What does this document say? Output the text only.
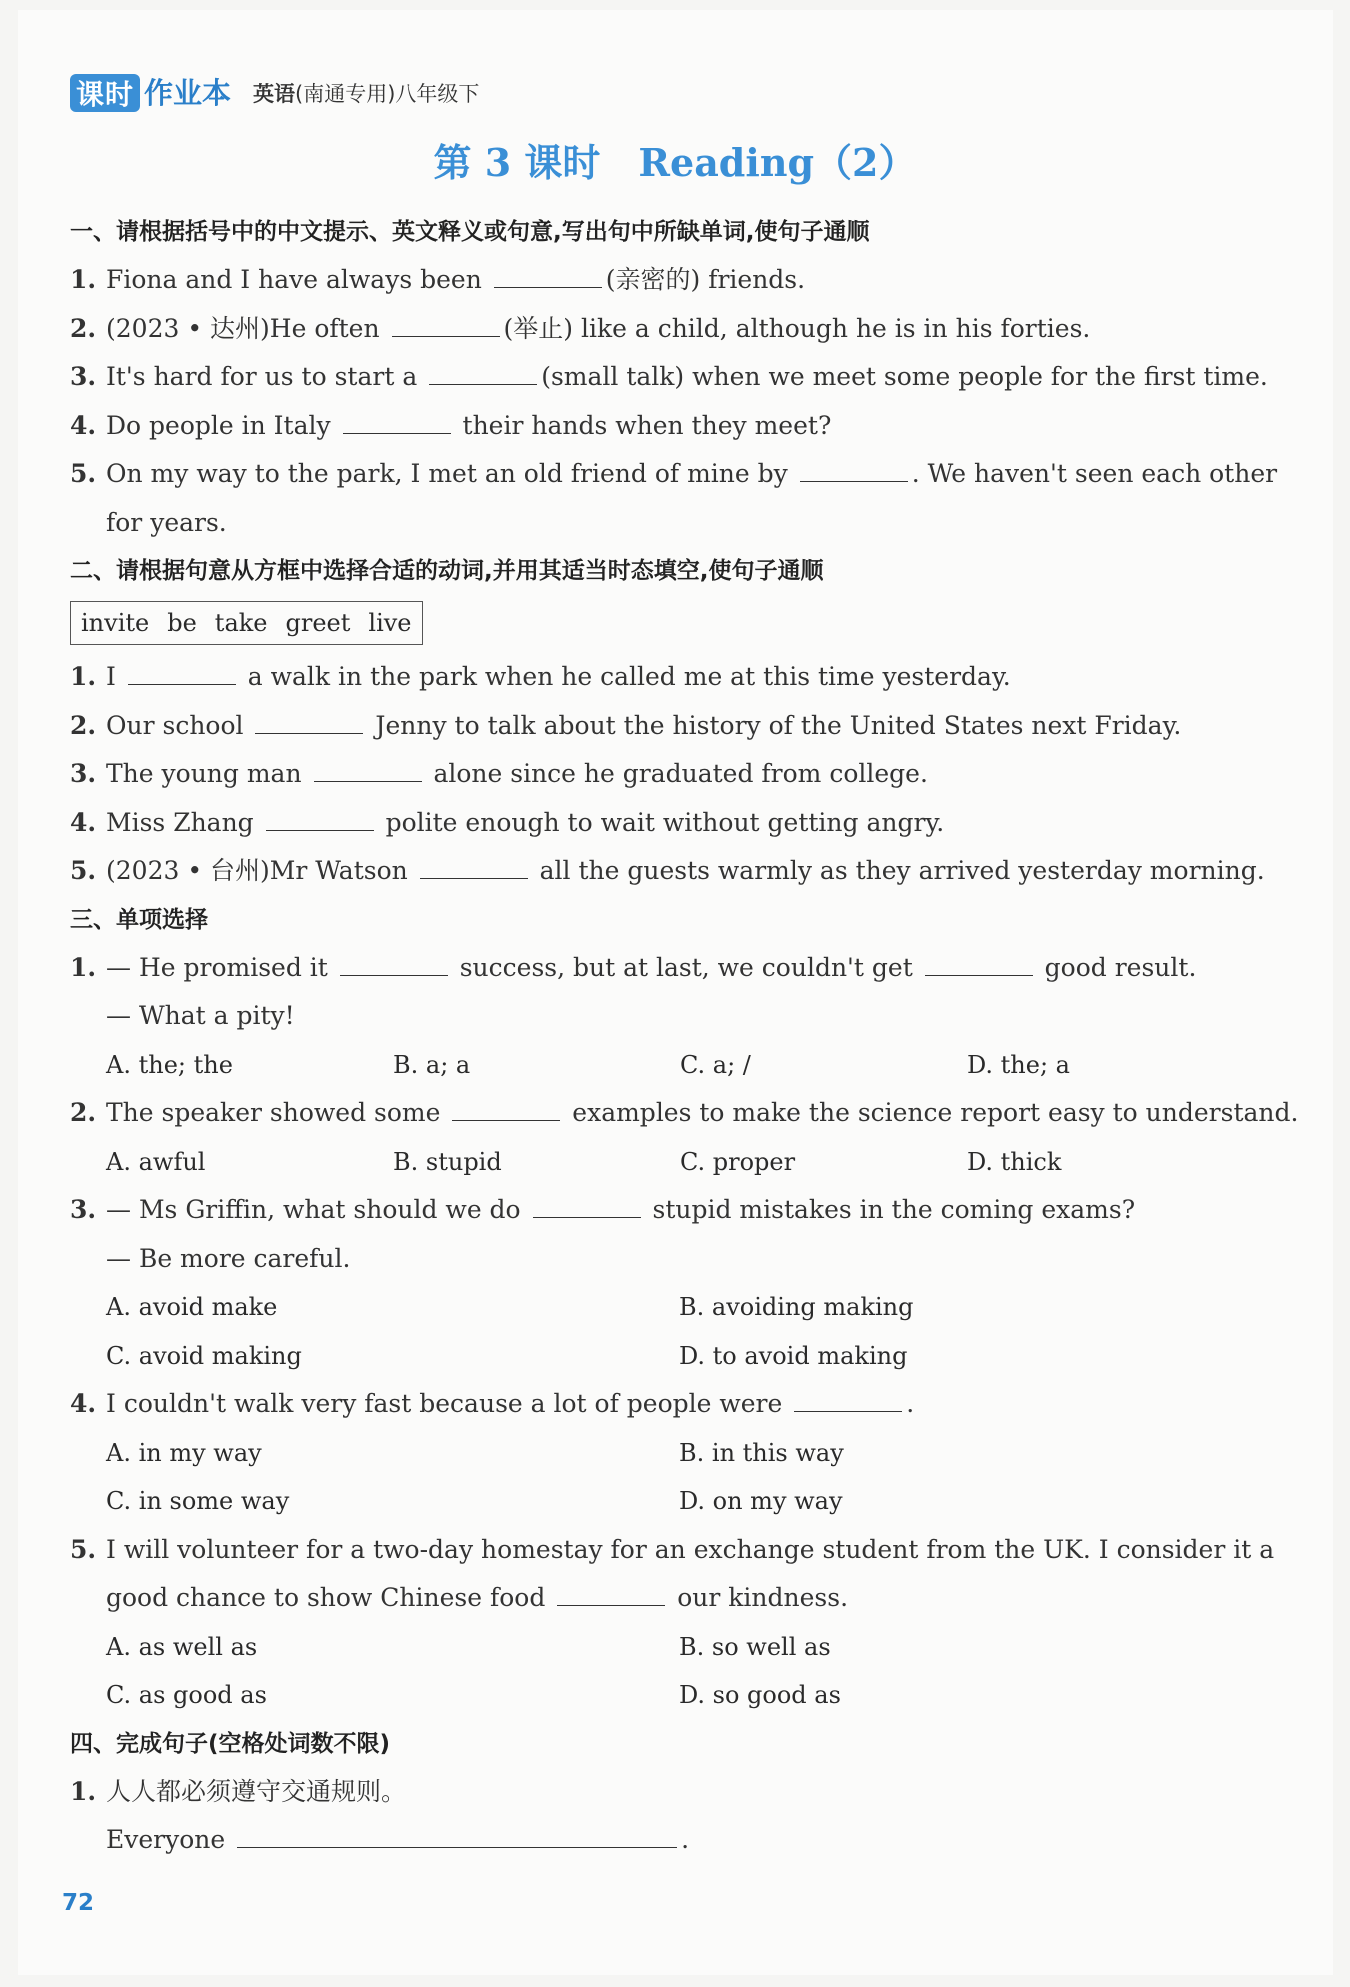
课时 作业本 英语(南通专用)八年级下
第 3 课时　Reading（2）
一、请根据括号中的中文提示、英文释义或句意,写出句中所缺单词,使句子通顺
1. Fiona and I have always been	(亲密的) friends.
2. (2023 • 达州)He often	(举止) like a child, although he is in his forties.
3. It's hard for us to start a	(small talk) when we meet some people for the first time.
4. Do people in Italy	their hands when they meet?
5. On my way to the park, I met an old friend of mine by	. We haven't seen each other
for years.
二、请根据句意从方框中选择合适的动词,并用其适当时态填空,使句子通顺
invite be take greet live
1. I	a walk in the park when he called me at this time yesterday.
2. Our school	Jenny to talk about the history of the United States next Friday.
3. The young man	alone since he graduated from college.
4. Miss Zhang	polite enough to wait without getting angry.
5. (2023 • 台州)Mr Watson	all the guests warmly as they arrived yesterday morning.
三、单项选择
1. — He promised it	success, but at last, we couldn't get	good result.
— What a pity!
A. the; the	B. a; a	C. a; /	D. the; a
2. The speaker showed some	examples to make the science report easy to understand.
A. awful	B. stupid	C. proper	D. thick
3. — Ms Griffin, what should we do	stupid mistakes in the coming exams?
— Be more careful.
A. avoid make	B. avoiding making
C. avoid making	D. to avoid making
4. I couldn't walk very fast because a lot of people were	.
A. in my way	B. in this way
C. in some way	D. on my way
5. I will volunteer for a two-day homestay for an exchange student from the UK. I consider it a
good chance to show Chinese food	our kindness.
A. as well as	B. so well as
C. as good as	D. so good as
四、完成句子(空格处词数不限)
1. 人人都必须遵守交通规则。
Everyone	.
72
